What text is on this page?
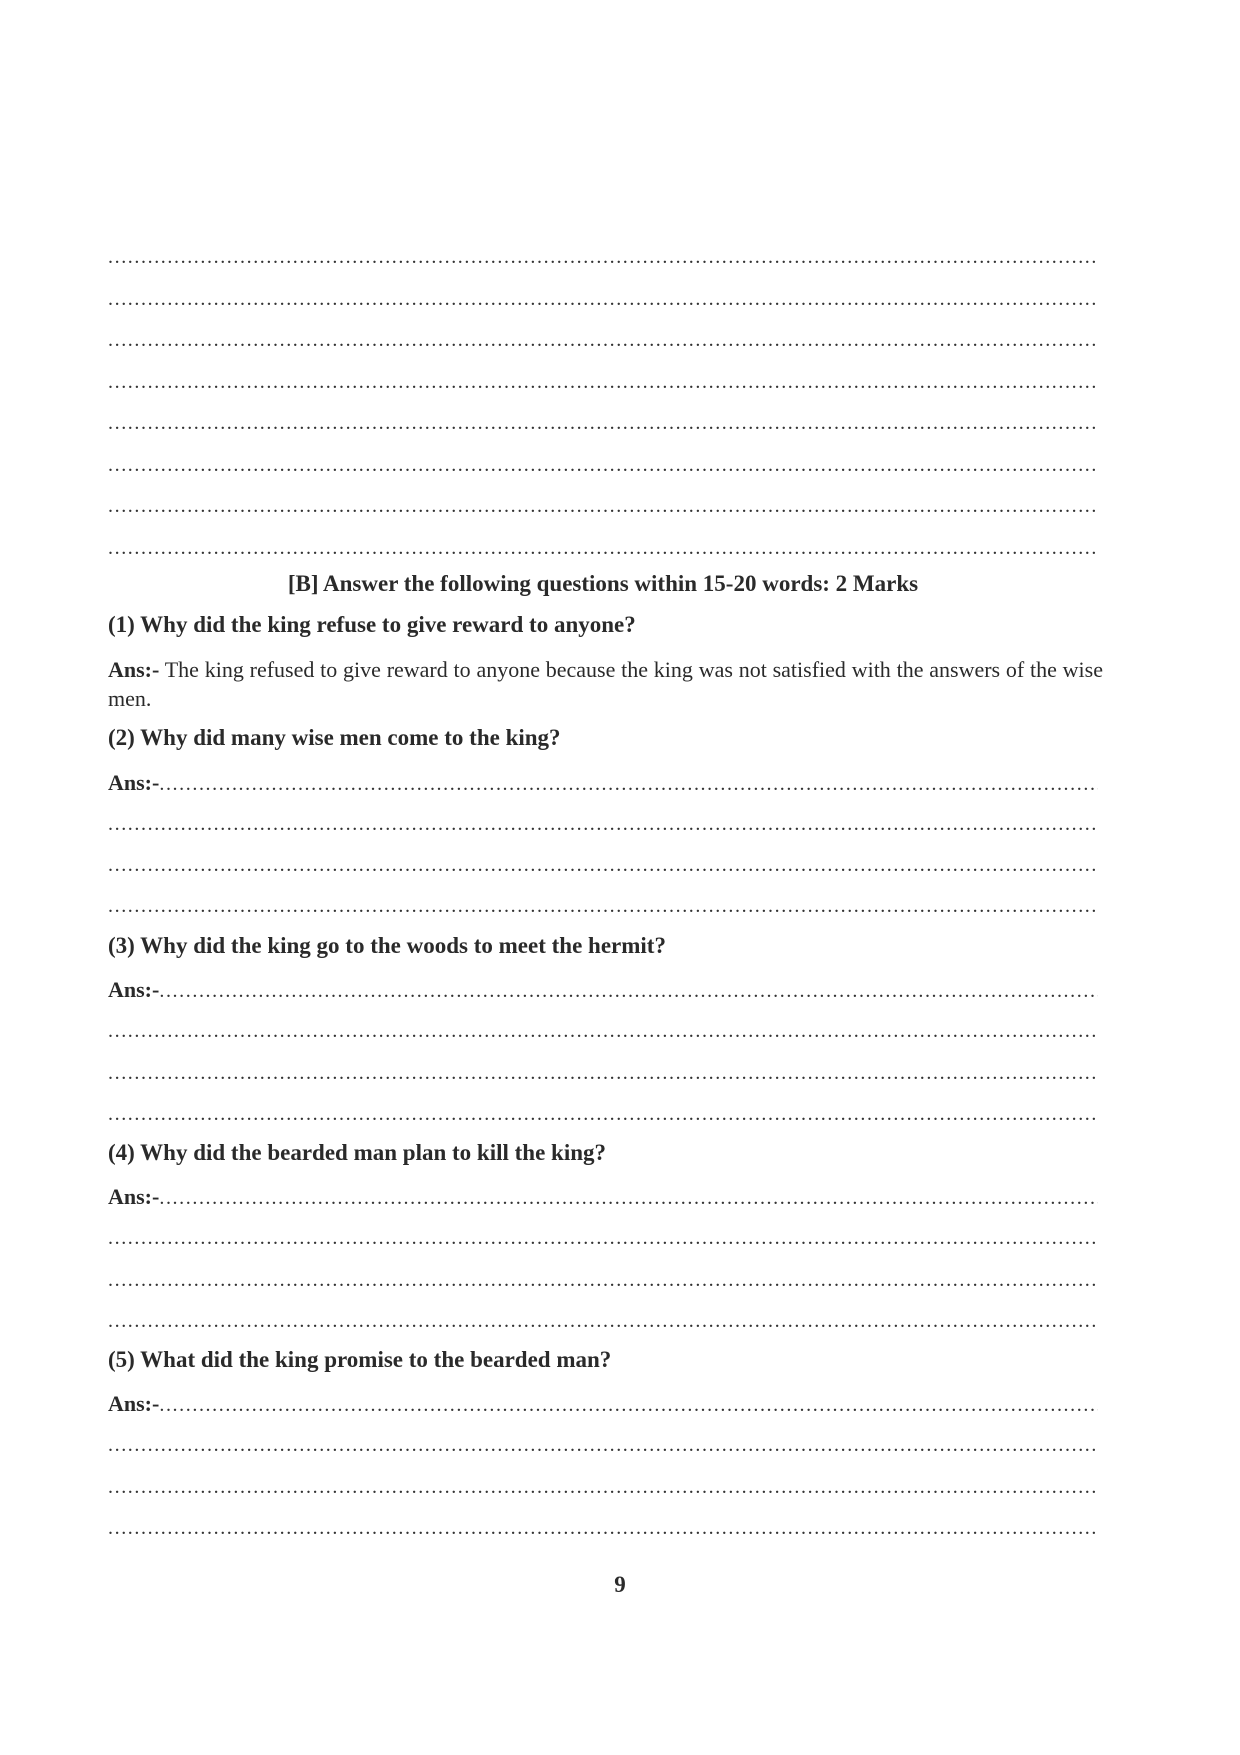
.....
.....
.....
.....
.....
.....
.....
.....
[B] Answer the following questions within 15-20 words: 2 Marks
(1) Why did the king refuse to give reward to anyone?
Ans:- The king refused to give reward to anyone because the king was not satisfied with the answers of the wise men.
(2) Why did many wise men come to the king?
Ans:- .....
.....
.....
.....
(3) Why did the king go to the woods to meet the hermit?
Ans:- .....
.....
.....
.....
(4) Why did the bearded man plan to kill the king?
Ans:- .....
.....
.....
.....
(5) What did the king promise to the bearded man?
Ans:- .....
.....
.....
.....
9
